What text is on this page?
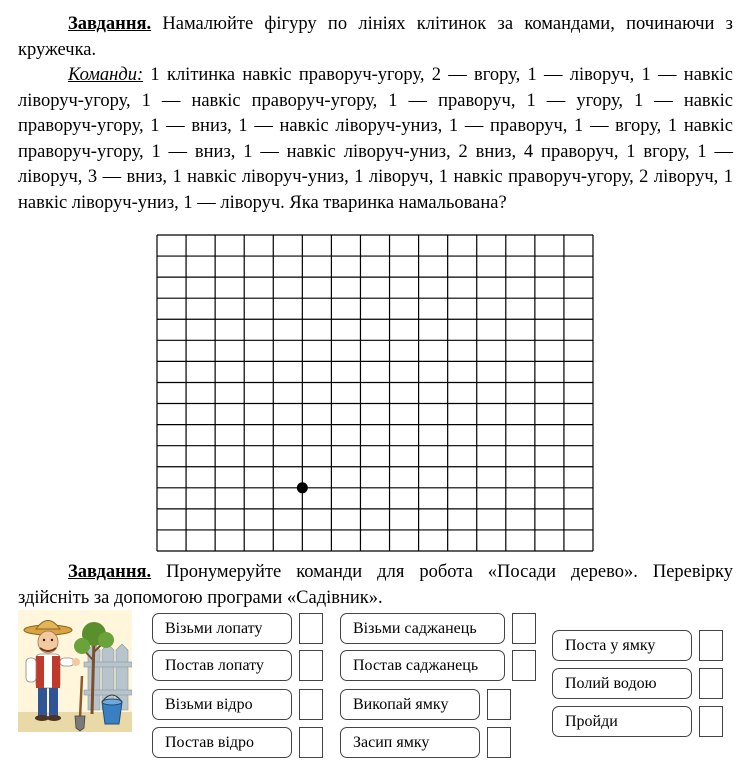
Завдання. Намалюйте фігуру по лініях клітинок за командами, починаючи з кружечка.
Команди: 1 клітинка навкіс праворуч-угору, 2 — вгору, 1 — ліворуч, 1 — навкіс ліворуч-угору, 1 — навкіс праворуч-угору, 1 — праворуч, 1 — угору, 1 — навкіс праворуч-угору, 1 — вниз, 1 — навкіс ліворуч-униз, 1 — праворуч, 1 — вгору, 1 навкіс праворуч-угору, 1 — вниз, 1 — навкіс ліворуч-униз, 2 вниз, 4 праворуч, 1 вгору, 1 — ліворуч, 3 — вниз, 1 навкіс ліворуч-униз, 1 ліворуч, 1 навкіс праворуч-угору, 2 ліворуч, 1 навкіс ліворуч-униз, 1 — ліворуч. Яка тваринка намальована?
Завдання. Пронумеруйте команди для робота «Посади дерево». Перевірку здійсніть за допомогою програми «Садівник».
Візьми лопату
Постав лопату
Візьми відро
Постав відро
Візьми саджанець
Постав саджанець
Викопай ямку
Засип ямку
Поста у ямку
Полий водою
Пройди
